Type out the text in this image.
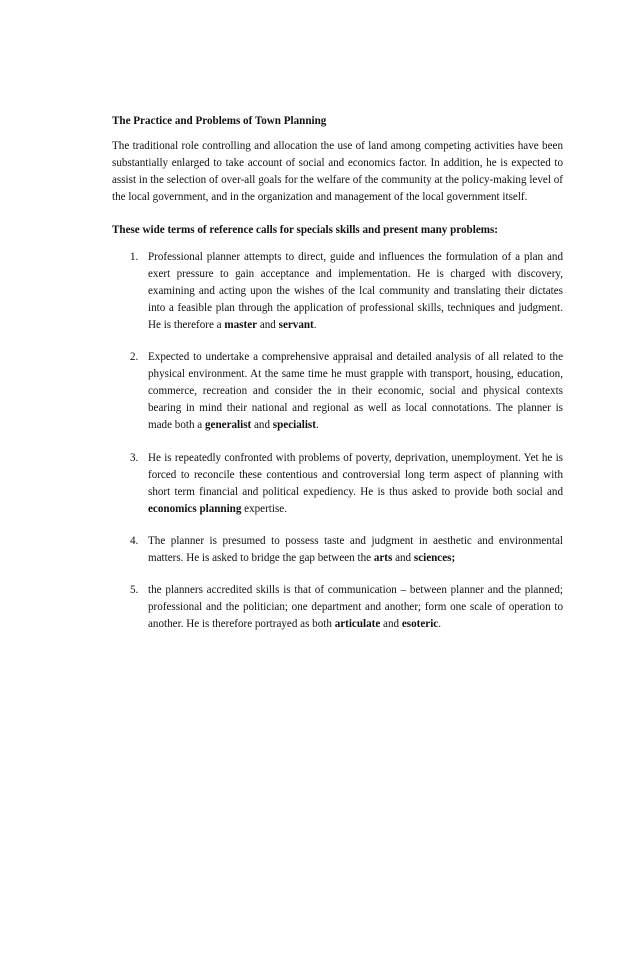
The Practice and Problems of Town Planning

The traditional role controlling and allocation the use of land among competing activities have been substantially enlarged to take account of social and economics factor. In addition, he is expected to assist in the selection of over-all goals for the welfare of the community at the policy-making level of the local government, and in the organization and management of the local government itself.

These wide terms of reference calls for specials skills and present many problems:

1. Professional planner attempts to direct, guide and influences the formulation of a plan and exert pressure to gain acceptance and implementation. He is charged with discovery, examining and acting upon the wishes of the lcal community and translating their dictates into a feasible plan through the application of professional skills, techniques and judgment. He is therefore a master and servant.
2. Expected to undertake a comprehensive appraisal and detailed analysis of all related to the physical environment. At the same time he must grapple with transport, housing, education, commerce, recreation and consider the in their economic, social and physical contexts bearing in mind their national and regional as well as local connotations. The planner is made both a generalist and specialist.
3. He is repeatedly confronted with problems of poverty, deprivation, unemployment. Yet he is forced to reconcile these contentious and controversial long term aspect of planning with short term financial and political expediency. He is thus asked to provide both social and economics planning expertise.
4. The planner is presumed to possess taste and judgment in aesthetic and environmental matters. He is asked to bridge the gap between the arts and sciences;
5. the planners accredited skills is that of communication – between planner and the planned; professional and the politician; one department and another; form one scale of operation to another. He is therefore portrayed as both articulate and esoteric.
